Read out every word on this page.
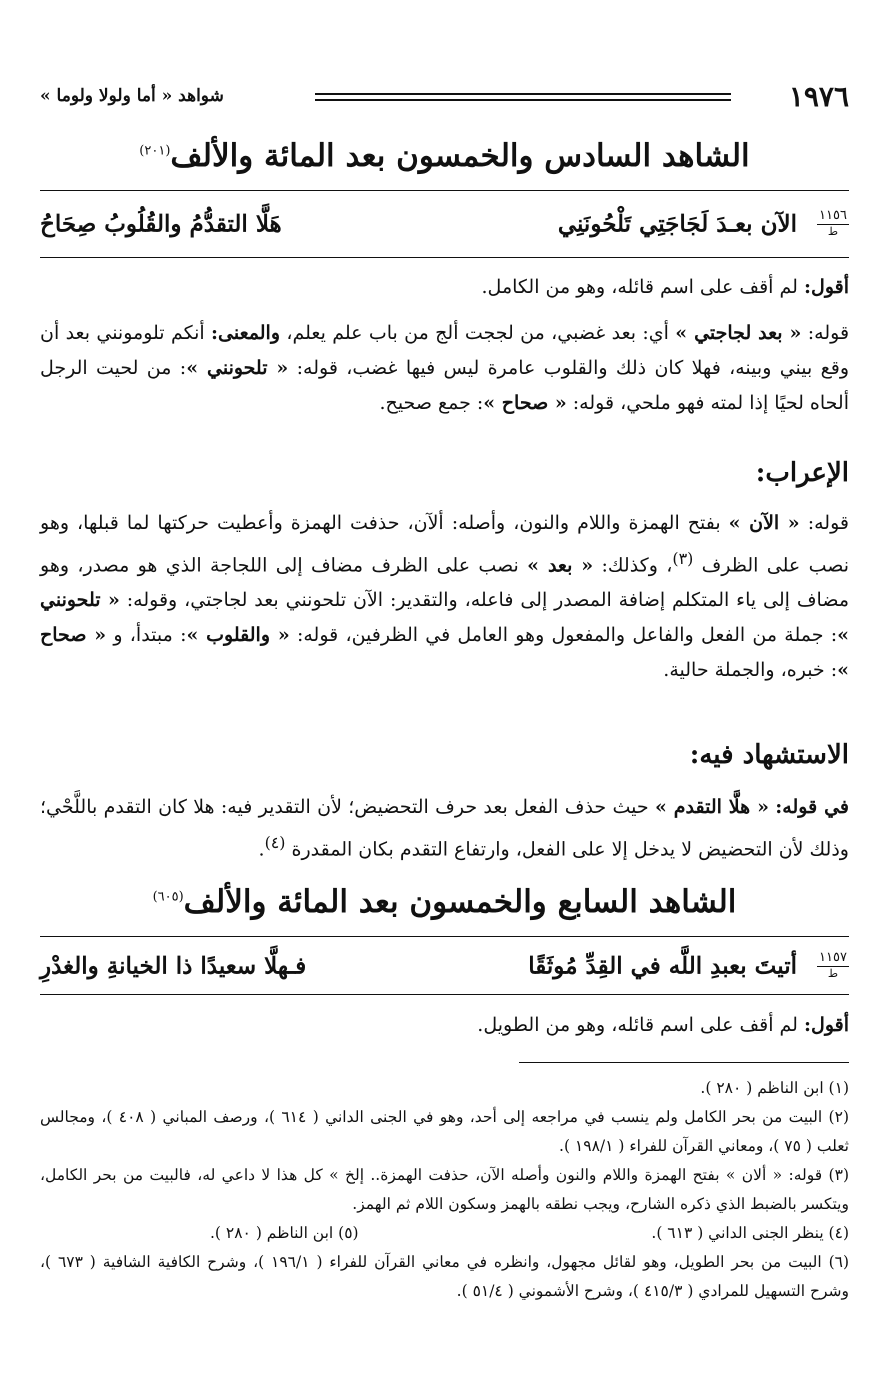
١٩٧٦
شواهد « أما ولولا ولوما »
الشاهد السادس والخمسون بعد المائة والألف$^{(٢٠١)}$
١١٥٦
ط
الآن بعـدَ لَجَاجَتِي تَلْحُونَنِي
هَلَّا التقدُّمُ والقُلُوبُ صِحَاحُ
أقول: لم أقف على اسم قائله، وهو من الكامل.
قوله: « بعد لجاجتي » أي: بعد غضبي، من لججت ألج من باب علم يعلم، والمعنى: أنكم تلومونني بعد أن وقع بيني وبينه، فهلا كان ذلك والقلوب عامرة ليس فيها غضب، قوله: « تلحونني »: من لحيت الرجل ألحاه لحيًا إذا لمته فهو ملحي، قوله: « صحاح »: جمع صحيح.
الإعراب:
قوله: « الآن » بفتح الهمزة واللام والنون، وأصله: ألآن، حذفت الهمزة وأعطيت حركتها لما قبلها، وهو نصب على الظرف $^{(٣)}$، وكذلك: « بعد » نصب على الظرف مضاف إلى اللجاجة الذي هو مصدر، وهو مضاف إلى ياء المتكلم إضافة المصدر إلى فاعله، والتقدير: الآن تلحونني بعد لجاجتي، وقوله: « تلحونني »: جملة من الفعل والفاعل والمفعول وهو العامل في الظرفين، قوله: « والقلوب »: مبتدأ، و « صحاح »: خبره، والجملة حالية.
الاستشهاد فيه:
في قوله: « هلَّا التقدم » حيث حذف الفعل بعد حرف التحضيض؛ لأن التقدير فيه: هلا كان التقدم باللَّحْي؛ وذلك لأن التحضيض لا يدخل إلا على الفعل، وارتفاع التقدم بكان المقدرة $^{(٤)}$.
الشاهد السابع والخمسون بعد المائة والألف$^{(٦٠٥)}$
١١٥٧
ط
أتيتَ بعبدِ اللَّه في القِدِّ مُوثَقًا
فـهلَّا سعيدًا ذا الخيانةِ والغدْرِ
أقول: لم أقف على اسم قائله، وهو من الطويل.

(١) ابن الناظم ( ٢٨٠ ).

(٢) البيت من بحر الكامل ولم ينسب في مراجعه إلى أحد، وهو في الجنى الداني ( ٦١٤ )، ورصف المباني ( ٤٠٨ )، ومجالس ثعلب ( ٧٥ )، ومعاني القرآن للفراء ( ١٩٨/١ ).

(٣) قوله: « ألان » بفتح الهمزة واللام والنون وأصله الآن، حذفت الهمزة.. إلخ » كل هذا لا داعي له، فالبيت من بحر الكامل، ويتكسر بالضبط الذي ذكره الشارح، ويجب نطقه بالهمز وسكون اللام ثم الهمز.

(٤) ينظر الجنى الداني ( ٦١٣ ).
(٥) ابن الناظم ( ٢٨٠ ).

(٦) البيت من بحر الطويل، وهو لقائل مجهول، وانظره في معاني القرآن للفراء ( ١٩٦/١ )، وشرح الكافية الشافية ( ٦٧٣ )، وشرح التسهيل للمرادي ( ٤١٥/٣ )، وشرح الأشموني ( ٥١/٤ ).
